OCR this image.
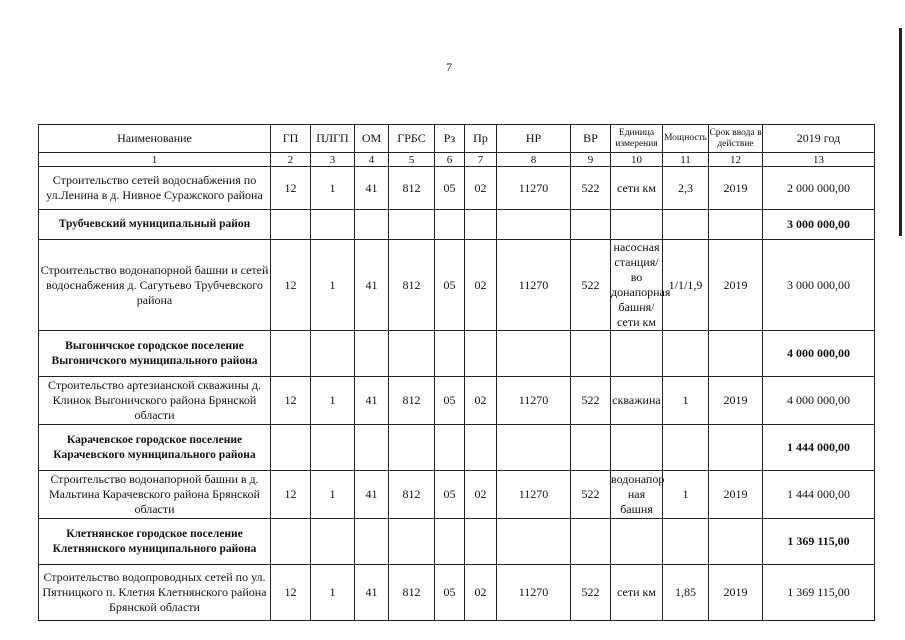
7
Наименование	ГП	ПЛГП	ОМ	ГРБС	Рз	Пр	НР	ВР	Единица измерения	Мощность	Срок ввода в действие	2019 год
1	2	3	4	5	6	7	8	9	10	11	12	13
Строительство сетей водоснабжения по ул.Ленина в д. Нивное Суражского района	12	1	41	812	05	02	11270	522	сети км	2,3	2019	2 000 000,00
Трубчевский муниципальный район												3 000 000,00
Строительство водонапорной башни и сетей водоснабжения д. Сагутьево Трубчевского района	12	1	41	812	05	02	11270	522	насосная станция/во донапорная башня/ сети км	1/1/1,9	2019	3 000 000,00
Выгоничское городское поселение Выгоничского муниципального района												4 000 000,00
Строительство артезианской скважины д. Клинок Выгоничского района Брянской области	12	1	41	812	05	02	11270	522	скважина	1	2019	4 000 000,00
Карачевское городское поселение Карачевского муниципального района												1 444 000,00
Строительство водонапорной башни в д. Мальтина Карачевского района Брянской области	12	1	41	812	05	02	11270	522	водонапор ная башня	1	2019	1 444 000,00
Клетнянское городское поселение Клетнянского муниципального района												1 369 115,00
Строительство водопроводных сетей по ул. Пятницкого п. Клетня Клетнянского района Брянской области	12	1	41	812	05	02	11270	522	сети км	1,85	2019	1 369 115,00
